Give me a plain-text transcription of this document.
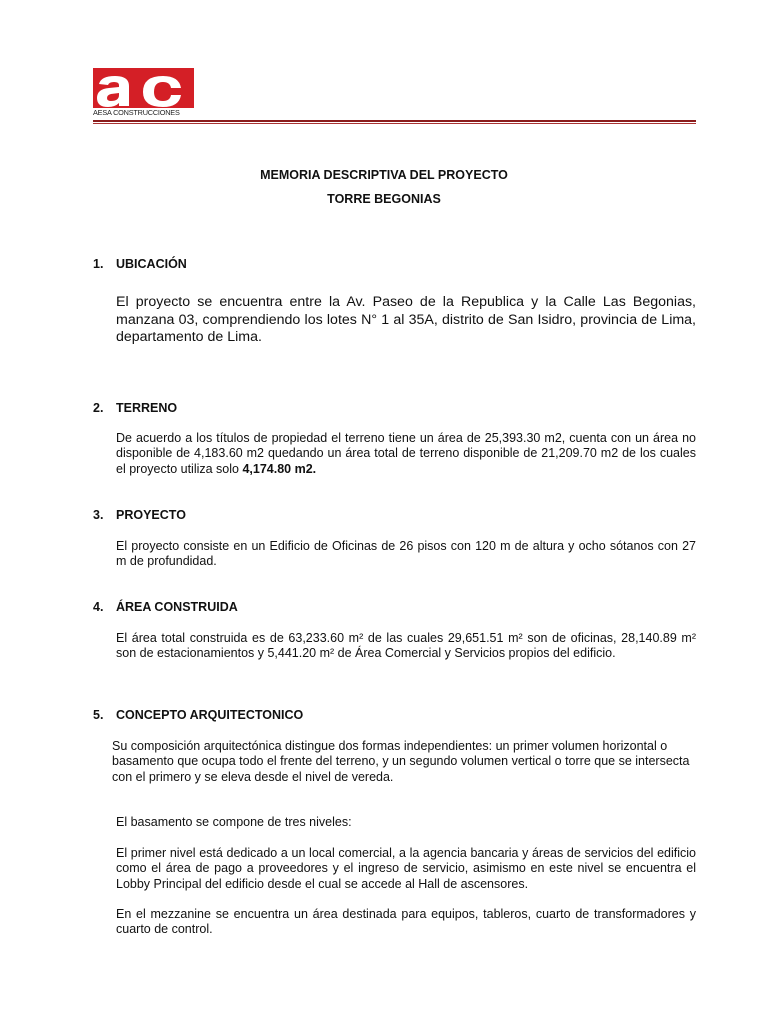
AESA CONSTRUCCIONES
MEMORIA DESCRIPTIVA DEL PROYECTO
TORRE BEGONIAS
1. UBICACIÓN
El proyecto se encuentra entre la Av. Paseo de la Republica y la Calle Las Begonias, manzana 03, comprendiendo los lotes N° 1 al 35A, distrito de San Isidro, provincia de Lima, departamento de Lima.
2. TERRENO
De acuerdo a los títulos de propiedad el terreno tiene un área de 25,393.30 m2, cuenta con un área no disponible de 4,183.60 m2 quedando un área total de terreno disponible de 21,209.70 m2 de los cuales el proyecto utiliza solo 4,174.80 m2.
3. PROYECTO
El proyecto consiste en un Edificio de Oficinas de 26 pisos con 120 m de altura y ocho sótanos con 27 m de profundidad.
4. ÁREA CONSTRUIDA
El área total construida es de 63,233.60 m² de las cuales 29,651.51 m² son de oficinas, 28,140.89 m² son de estacionamientos y 5,441.20 m² de Área Comercial y Servicios propios del edificio.
5. CONCEPTO ARQUITECTONICO
Su composición arquitectónica distingue dos formas independientes: un primer volumen horizontal o basamento que ocupa todo el frente del terreno, y un segundo volumen vertical o torre que se intersecta con el primero y se eleva desde el nivel de vereda.
El basamento se compone de tres niveles:
El primer nivel está dedicado a un local comercial, a la agencia bancaria y áreas de servicios del edificio como el área de pago a proveedores y el ingreso de servicio, asimismo en este nivel se encuentra el Lobby Principal del edificio desde el cual se accede al Hall de ascensores.
En el mezzanine se encuentra un área destinada para equipos, tableros, cuarto de transformadores y cuarto de control.
